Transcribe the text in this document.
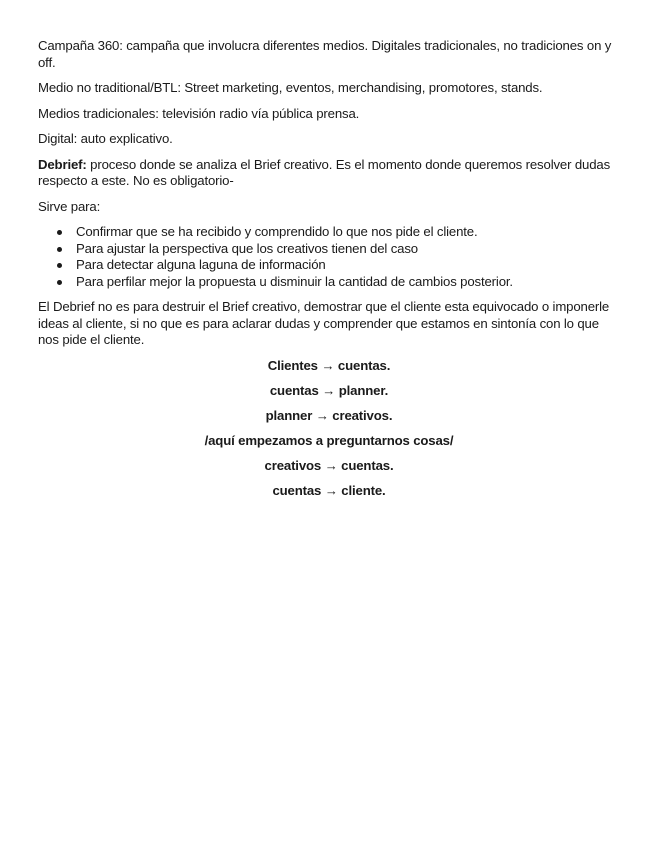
Campaña 360: campaña que involucra diferentes medios. Digitales tradicionales, no tradiciones on y off.

Medio no traditional/BTL: Street marketing, eventos, merchandising, promotores, stands.

Medios tradicionales: televisión radio vía pública prensa.

Digital: auto explicativo.

Debrief: proceso donde se analiza el Brief creativo. Es el momento donde queremos resolver dudas respecto a este. No es obligatorio-

Sirve para:

Confirmar que se ha recibido y comprendido lo que nos pide el cliente.
Para ajustar la perspectiva que los creativos tienen del caso
Para detectar alguna laguna de información
Para perfilar mejor la propuesta u disminuir la cantidad de cambios posterior.

El Debrief no es para destruir el Brief creativo, demostrar que el cliente esta equivocado o imponerle ideas al cliente, si no que es para aclarar dudas y comprender que estamos en sintonía con lo que nos pide el cliente.

Clientes → cuentas.
cuentas → planner.
planner → creativos.
/aquí empezamos a preguntarnos cosas/
creativos → cuentas.
cuentas → cliente.
